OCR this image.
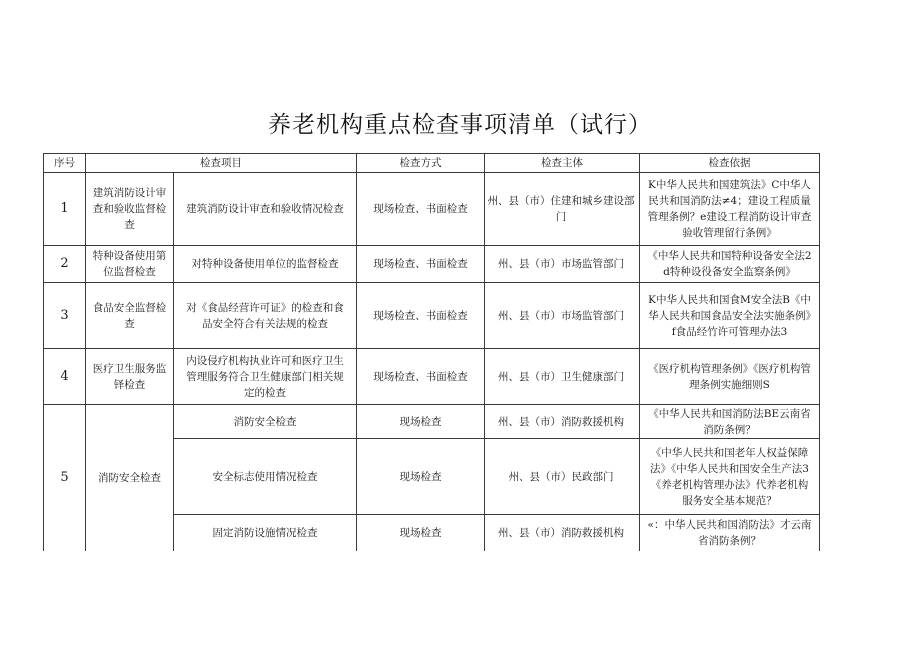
养老机构重点检查事项清单（试行）
序号	检查项目		检查方式	检查主体	检查依据
1	建筑消防设计审查和验收监督检查	建筑消防设计审查和验收情况检查	现场检查、书面检查	州、县（市）住建和城乡建设部门	K中华人民共和国建筑法》C中华人民共和国消防法≠4；建设工程质量管理条例？e建设工程消防设计审查验收管理留行条例》
2	特种设备使用第位监督检查	对特种设备使用单位的监督检查	现场检查、书面检查	州、县（市）市场监管部门	《中华人民共和国特种设备安全法2d特种设役备安全监察条例》
3	食品安全监督检查	对《食品经营许可证》的检查和食品安全符合有关法规的检查	现场检查、书面检查	州、县（市）市场监管部门	K中华人民共和国食M安全法B《中华人民共和国食品安全法实施条例》f食品经竹许可管理办法3
4	医疗卫生服务监铎检查	内设侵疗机构执业许可和医疗卫生管理服务符合卫生健康部门相关规定的检查	现场检查、书面检查	州、县（市）卫生健康部门	《医疗机构管理条例》《医疗机构管理条例实施细则S
5	消防安全检查	消防安全检查	现场检查	州、县（市）消防救援机构	《中华人民共和国消防法BE云南省消防条例？
		安全标志使用情况检查	现场检查	州、县（市）民政部门	《中华人民共和国老年人权益保障法》《中华人民共和国安全生产法3《养老机构管理办法》代养老机构服务安全基本规范？
		固定消防设施情况检查	现场检查	州、县（市）消防救援机构	«：中华人民共和国消防法》才云南省消防条例？
